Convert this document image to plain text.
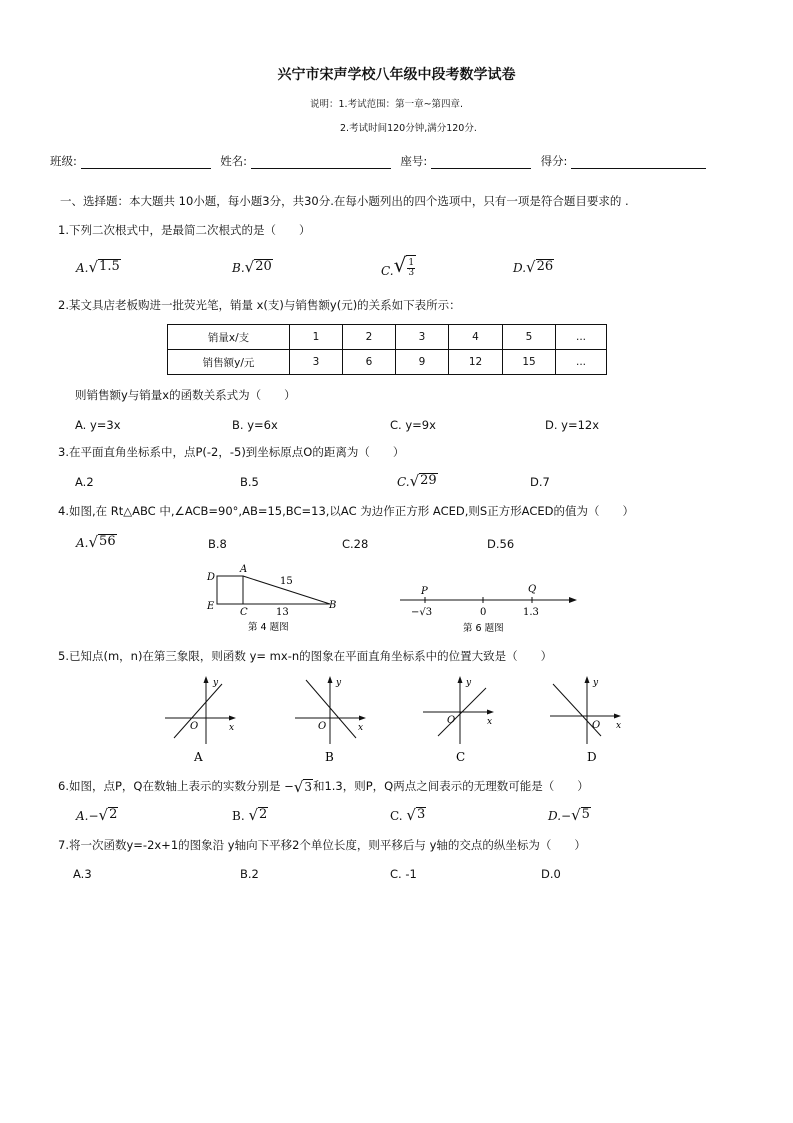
兴宁市宋声学校八年级中段考数学试卷
说明：1.考试范围：第一章~第四章.
2.考试时间120分钟,满分120分.
班级:	姓名:	座号:	得分:
一、选择题：本大题共 10小题，每小题3分，共30分.在每小题列出的四个选项中，只有一项是符合题目要求的 .
1.下列二次根式中，是最简二次根式的是（　　）
A. √ 1.5	B. √ 20	C. √ $\frac{1}{3}$	D. √ 26
2.某文具店老板购进一批荧光笔，销量 x(支)与销售额y(元)的关系如下表所示：
销量x/支	1	2	3	4	5	...
销售额y/元	3	6	9	12	15	...
则销售额y与销量x的函数关系式为（　　）
A. y=3x	B. y=6x	C. y=9x	D. y=12x
3.在平面直角坐标系中，点P(-2，-5)到坐标原点O的距离为（　　）
A.2	B.5	C. √ 29	D.7
4.如图,在 Rt△ABC 中,∠ACB=90°,AB=15,BC=13,以AC 为边作正方形 ACED,则S正方形ACED的值为（　　）
A. √ 56	B.8	C.28	D.56
D
A
E
C
B
15
13
第 4 题图
P	Q
−√3	0	1.3
第 6 题图
5.已知点(m，n)在第三象限，则函数 y= mx-n的图象在平面直角坐标系中的位置大致是（　　）
y
x
O
A
y
x
O
B
y
x
O
C
y
x
O
D
6.如图，点P，Q在数轴上表示的实数分别是 − √ 3 和1.3，则P，Q两点之间表示的无理数可能是（　　）
A.− √ 2	B. √ 2	C. √ 3	D.− √ 5
7.将一次函数y=-2x+1的图象沿 y轴向下平移2个单位长度，则平移后与 y轴的交点的纵坐标为（　　）
A.3	B.2	C. -1	D.0
